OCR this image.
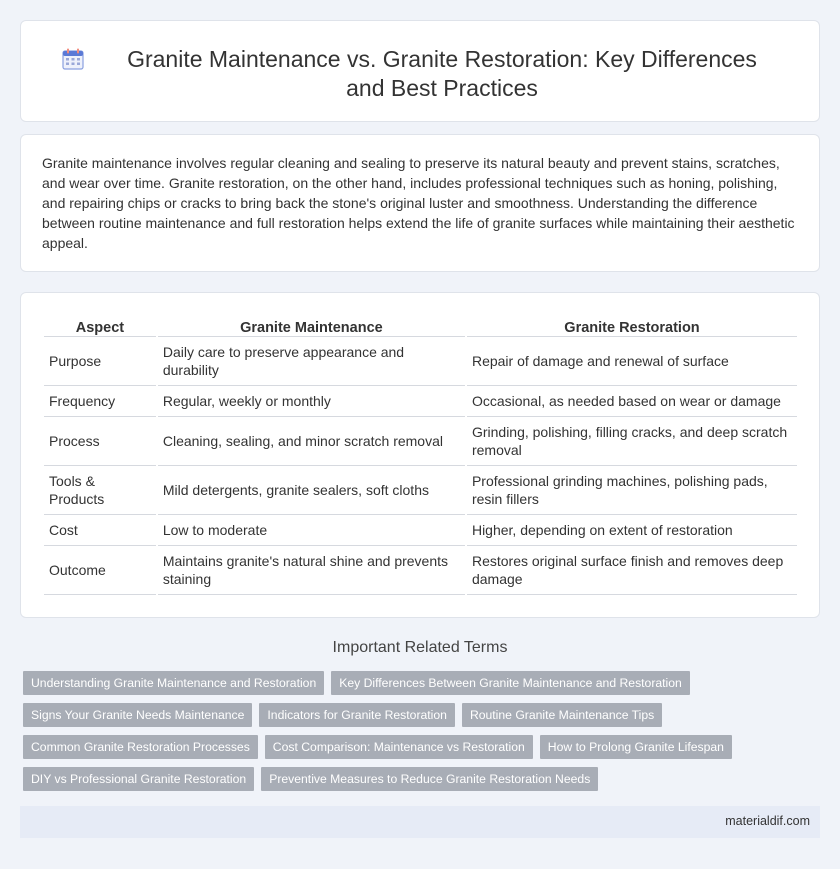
Granite Maintenance vs. Granite Restoration: Key Differences and Best Practices

Granite maintenance involves regular cleaning and sealing to preserve its natural beauty and prevent stains, scratches, and wear over time. Granite restoration, on the other hand, includes professional techniques such as honing, polishing, and repairing chips or cracks to bring back the stone's original luster and smoothness. Understanding the difference between routine maintenance and full restoration helps extend the life of granite surfaces while maintaining their aesthetic appeal.

Aspect	Granite Maintenance	Granite Restoration
Purpose	Daily care to preserve appearance and durability	Repair of damage and renewal of surface
Frequency	Regular, weekly or monthly	Occasional, as needed based on wear or damage
Process	Cleaning, sealing, and minor scratch removal	Grinding, polishing, filling cracks, and deep scratch removal
Tools & Products	Mild detergents, granite sealers, soft cloths	Professional grinding machines, polishing pads, resin fillers
Cost	Low to moderate	Higher, depending on extent of restoration
Outcome	Maintains granite's natural shine and prevents staining	Restores original surface finish and removes deep damage
Important Related Terms
Understanding Granite Maintenance and Restoration	Key Differences Between Granite Maintenance and Restoration
Signs Your Granite Needs Maintenance	Indicators for Granite Restoration	Routine Granite Maintenance Tips
Common Granite Restoration Processes	Cost Comparison: Maintenance vs Restoration	How to Prolong Granite Lifespan
DIY vs Professional Granite Restoration	Preventive Measures to Reduce Granite Restoration Needs
materialdif.com
